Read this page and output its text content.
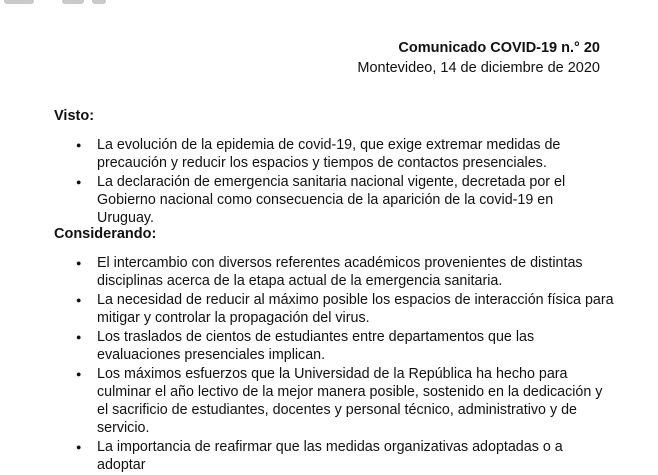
Comunicado COVID-19 n.° 20
Montevideo, 14 de diciembre de 2020
Visto:
● La evolución de la epidemia de covid-19, que exige extremar medidas de precaución y reducir los espacios y tiempos de contactos presenciales.
● La declaración de emergencia sanitaria nacional vigente, decretada por el Gobierno nacional como consecuencia de la aparición de la covid-19 en Uruguay.
Considerando:
● El intercambio con diversos referentes académicos provenientes de distintas disciplinas acerca de la etapa actual de la emergencia sanitaria.
● La necesidad de reducir al máximo posible los espacios de interacción física para mitigar y controlar la propagación del virus.
● Los traslados de cientos de estudiantes entre departamentos que las evaluaciones presenciales implican.
● Los máximos esfuerzos que la Universidad de la República ha hecho para culminar el año lectivo de la mejor manera posible, sostenido en la dedicación y el sacrificio de estudiantes, docentes y personal técnico, administrativo y de servicio.
● La importancia de reafirmar que las medidas organizativas adoptadas o a adoptar
